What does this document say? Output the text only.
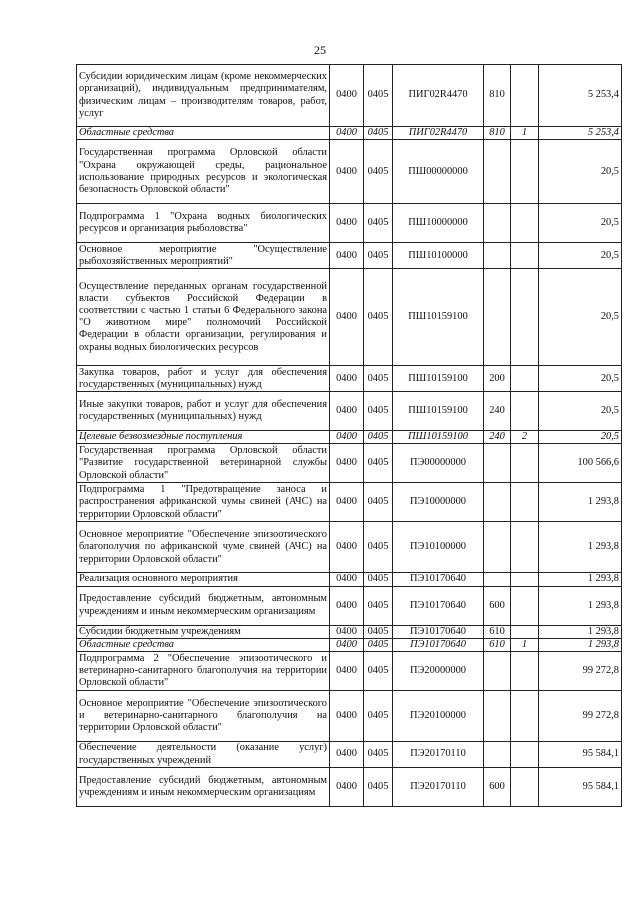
25
Субсидии юридическим лицам (кроме некоммерческих организаций), индивидуальным предпринимателям, физическим лицам – производителям товаров, работ, услуг	0400	0405	ПИГ02R4470	810		5 253,4
Областные средства	0400	0405	ПИГ02R4470	810	1	5 253,4
Государственная программа Орловской области "Охрана окружающей среды, рациональное использование природных ресурсов и экологическая безопасность Орловской области"	0400	0405	ПШ00000000			20,5
Подпрограмма 1 "Охрана водных биологических ресурсов и организация рыболовства"	0400	0405	ПШ10000000			20,5
Основное мероприятие "Осуществление рыбохозяйственных мероприятий"	0400	0405	ПШ10100000			20,5
Осуществление переданных органам государственной власти субъектов Российской Федерации в соответствии с частью 1 статьи 6 Федерального закона "О животном мире" полномочий Российской Федерации в области организации, регулирования и охраны водных биологических ресурсов	0400	0405	ПШ10159100			20,5
Закупка товаров, работ и услуг для обеспечения государственных (муниципальных) нужд	0400	0405	ПШ10159100	200		20,5
Иные закупки товаров, работ и услуг для обеспечения государственных (муниципальных) нужд	0400	0405	ПШ10159100	240		20,5
Целевые безвозмездные поступления	0400	0405	ПШ10159100	240	2	20,5
Государственная программа Орловской области "Развитие государственной ветеринарной службы Орловской области"	0400	0405	ПЭ00000000			100 566,6
Подпрограмма 1 "Предотвращение заноса и распространения африканской чумы свиней (АЧС) на территории Орловской области"	0400	0405	ПЭ10000000			1 293,8
Основное мероприятие "Обеспечение эпизоотического благополучия по африканской чуме свиней (АЧС) на территории Орловской области"	0400	0405	ПЭ10100000			1 293,8
Реализация основного мероприятия	0400	0405	ПЭ10170640			1 293,8
Предоставление субсидий бюджетным, автономным учреждениям и иным некоммерческим организациям	0400	0405	ПЭ10170640	600		1 293,8
Субсидии бюджетным учреждениям	0400	0405	ПЭ10170640	610		1 293,8
Областные средства	0400	0405	ПЭ10170640	610	1	1 293,8
Подпрограмма 2 "Обеспечение эпизоотического и ветеринарно-санитарного благополучия на территории Орловской области"	0400	0405	ПЭ20000000			99 272,8
Основное мероприятие "Обеспечение эпизоотического и ветеринарно-санитарного благополучия на территории Орловской области"	0400	0405	ПЭ20100000			99 272,8
Обеспечение деятельности (оказание услуг) государственных учреждений	0400	0405	ПЭ20170110			95 584,1
Предоставление субсидий бюджетным, автономным учреждениям и иным некоммерческим организациям	0400	0405	ПЭ20170110	600		95 584,1
